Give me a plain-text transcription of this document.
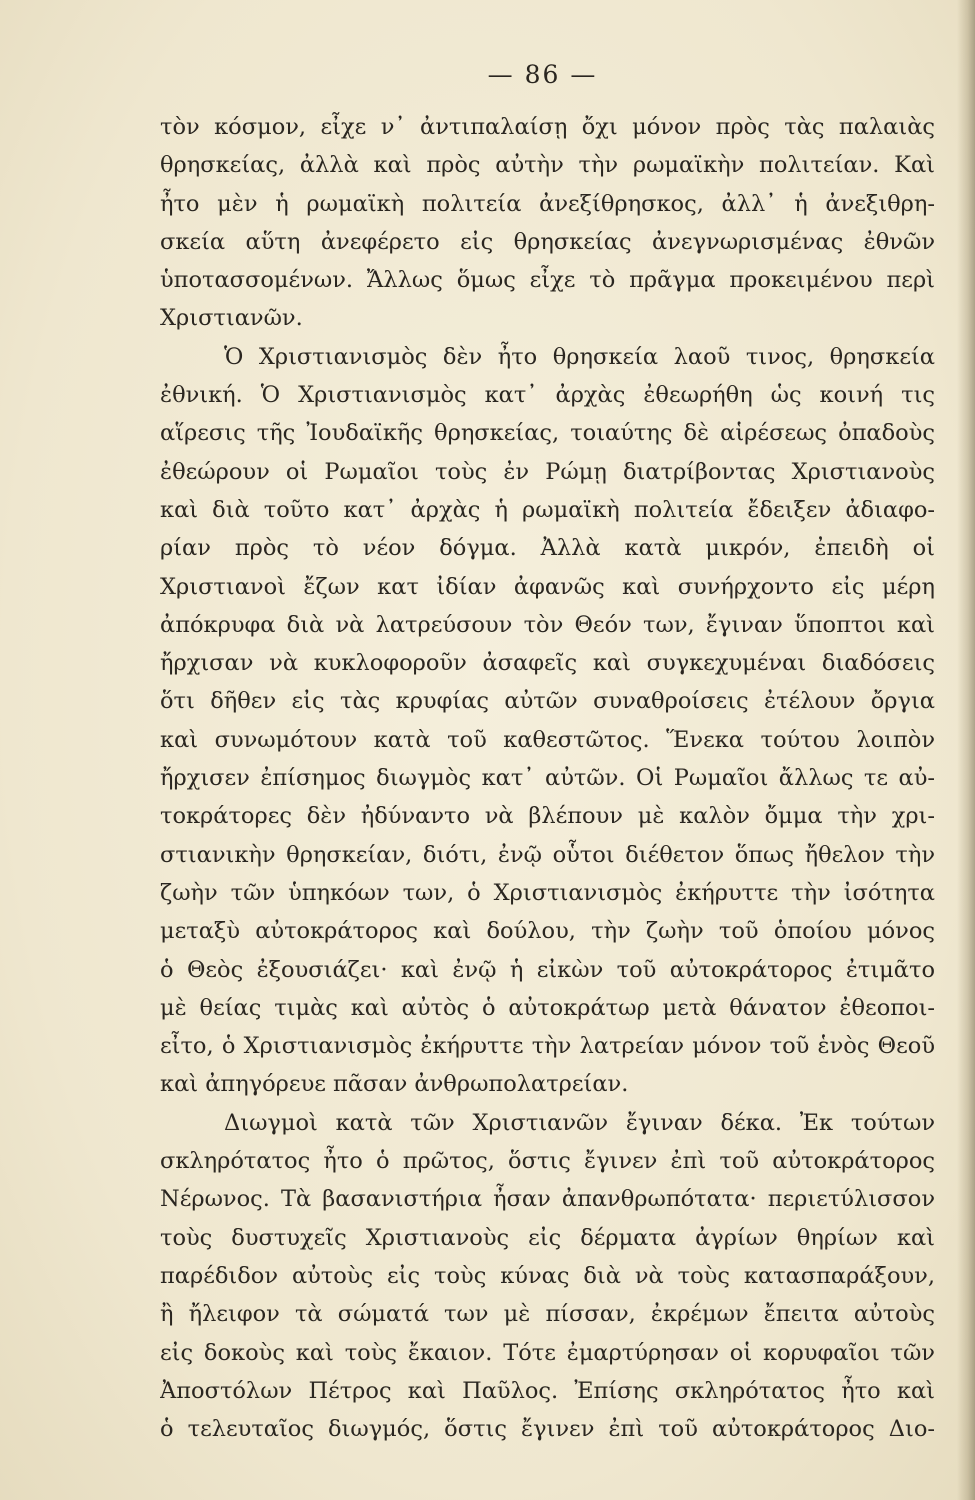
— 86 —
τὸν κόσμον, εἶχε ν᾽ ἀντιπαλαίσῃ ὄχι μόνον πρὸς τὰς παλαιὰς
θρησκείας, ἀλλὰ καὶ πρὸς αὐτὴν τὴν ρωμαϊκὴν πολιτείαν. Καὶ
ἦτο μὲν ἡ ρωμαϊκὴ πολιτεία ἀνεξίθρησκος, ἀλλ᾽ ἡ ἀνεξιθρη-
σκεία αὕτη ἀνεφέρετο εἰς θρησκείας ἀνεγνωρισμένας ἐθνῶν
ὑποτασσομένων. Ἄλλως ὅμως εἶχε τὸ πρᾶγμα προκειμένου περὶ
Χριστιανῶν.
Ὁ Χριστιανισμὸς δὲν ἦτο θρησκεία λαοῦ τινος, θρησκεία
ἐθνική. Ὁ Χριστιανισμὸς κατ᾽ ἀρχὰς ἐθεωρήθη ὡς κοινή τις
αἵρεσις τῆς Ἰουδαϊκῆς θρησκείας, τοιαύτης δὲ αἱρέσεως ὀπαδοὺς
ἐθεώρουν οἱ Ρωμαῖοι τοὺς ἐν Ρώμῃ διατρίβοντας Χριστιανοὺς
καὶ διὰ τοῦτο κατ᾽ ἀρχὰς ἡ ρωμαϊκὴ πολιτεία ἔδειξεν ἀδιαφο-
ρίαν πρὸς τὸ νέον δόγμα. Ἀλλὰ κατὰ μικρόν, ἐπειδὴ οἱ
Χριστιανοὶ ἔζων κατ ἰδίαν ἀφανῶς καὶ συνήρχοντο εἰς μέρη
ἀπόκρυφα διὰ νὰ λατρεύσουν τὸν Θεόν των, ἔγιναν ὕποπτοι καὶ
ἤρχισαν νὰ κυκλοφοροῦν ἀσαφεῖς καὶ συγκεχυμέναι διαδόσεις
ὅτι δῆθεν εἰς τὰς κρυφίας αὐτῶν συναθροίσεις ἐτέλουν ὄργια
καὶ συνωμότουν κατὰ τοῦ καθεστῶτος. Ἕνεκα τούτου λοιπὸν
ἤρχισεν ἐπίσημος διωγμὸς κατ᾽ αὐτῶν. Οἱ Ρωμαῖοι ἄλλως τε αὐ-
τοκράτορες δὲν ἠδύναντο νὰ βλέπουν μὲ καλὸν ὄμμα τὴν χρι-
στιανικὴν θρησκείαν, διότι, ἐνῷ οὗτοι διέθετον ὅπως ἤθελον τὴν
ζωὴν τῶν ὑπηκόων των, ὁ Χριστιανισμὸς ἐκήρυττε τὴν ἰσότητα
μεταξὺ αὐτοκράτορος καὶ δούλου, τὴν ζωὴν τοῦ ὁποίου μόνος
ὁ Θεὸς ἐξουσιάζει· καὶ ἐνῷ ἡ εἰκὼν τοῦ αὐτοκράτορος ἐτιμᾶτο
μὲ θείας τιμὰς καὶ αὐτὸς ὁ αὐτοκράτωρ μετὰ θάνατον ἐθεοποι-
εἶτο, ὁ Χριστιανισμὸς ἐκήρυττε τὴν λατρείαν μόνον τοῦ ἑνὸς Θεοῦ
καὶ ἀπηγόρευε πᾶσαν ἀνθρωπολατρείαν.
Διωγμοὶ κατὰ τῶν Χριστιανῶν ἔγιναν δέκα. Ἐκ τούτων
σκληρότατος ἦτο ὁ πρῶτος, ὅστις ἔγινεν ἐπὶ τοῦ αὐτοκράτορος
Νέρωνος. Τὰ βασανιστήρια ἦσαν ἀπανθρωπότατα· περιετύλισσον
τοὺς δυστυχεῖς Χριστιανοὺς εἰς δέρματα ἀγρίων θηρίων καὶ
παρέδιδον αὐτοὺς εἰς τοὺς κύνας διὰ νὰ τοὺς κατασπαράξουν,
ἢ ἤλειφον τὰ σώματά των μὲ πίσσαν, ἐκρέμων ἔπειτα αὐτοὺς
εἰς δοκοὺς καὶ τοὺς ἔκαιον. Τότε ἐμαρτύρησαν οἱ κορυφαῖοι τῶν
Ἀποστόλων Πέτρος καὶ Παῦλος. Ἐπίσης σκληρότατος ἦτο καὶ
ὁ τελευταῖος διωγμός, ὅστις ἔγινεν ἐπὶ τοῦ αὐτοκράτορος Διο-
